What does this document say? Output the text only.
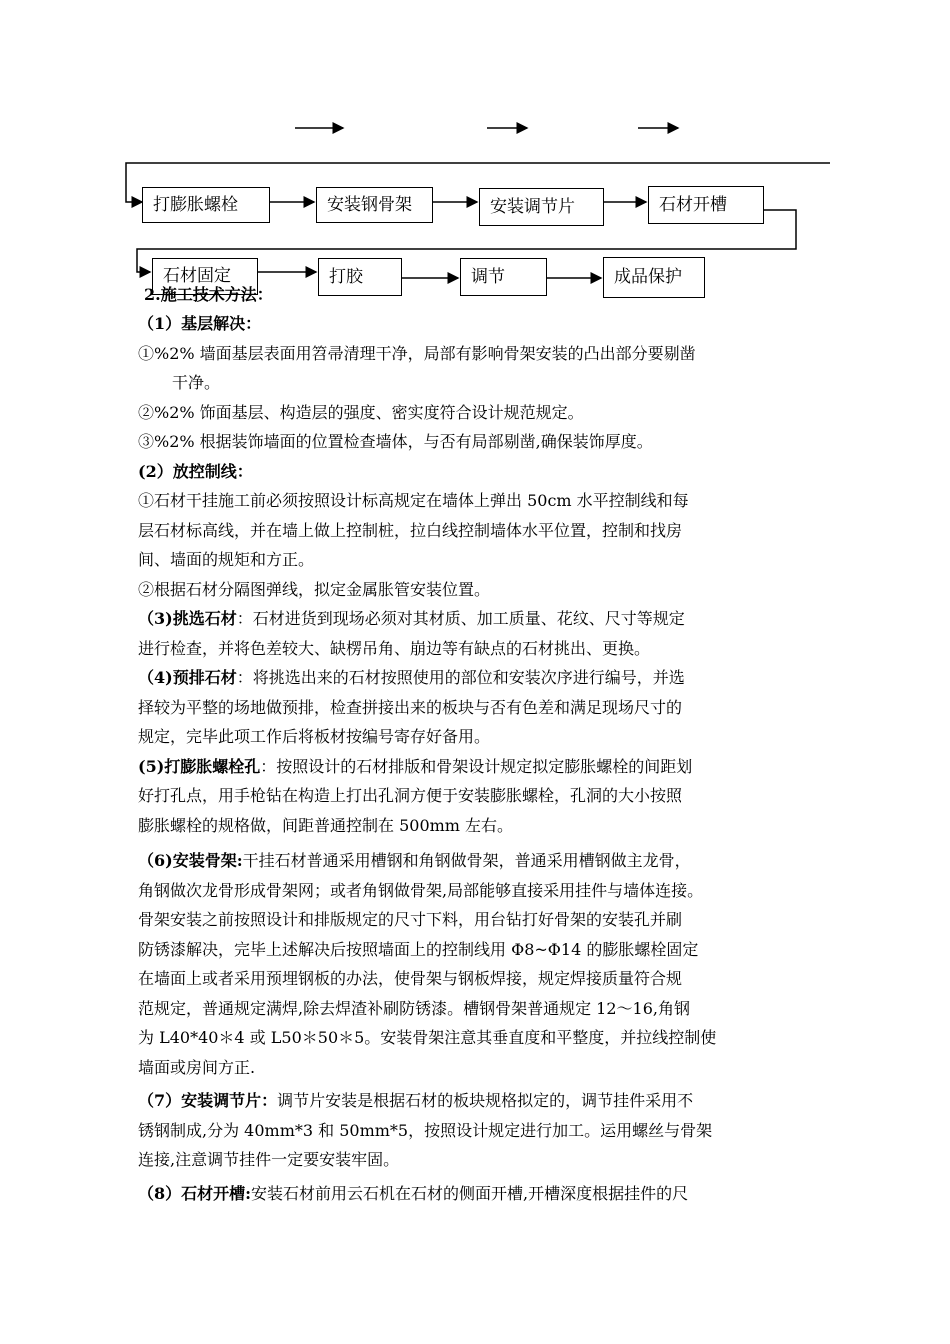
打膨胀螺栓	安装钢骨架	安装调节片	石材开槽
石材固定	打胶	调节	成品保护

2.施工技术方法：

（1）基层解决：

①%2% 墙面基层表面用笤帚清理干净，局部有影响骨架安装的凸出部分要剔凿

干净。

②%2% 饰面基层、构造层的强度、密实度符合设计规范规定。

③%2% 根据装饰墙面的位置检查墙体，与否有局部剔凿,确保装饰厚度。

(2）放控制线：

①石材干挂施工前必须按照设计标高规定在墙体上弹出 50cm 水平控制线和每

层石材标高线，并在墙上做上控制桩，拉白线控制墙体水平位置，控制和找房

间、墙面的规矩和方正。

②根据石材分隔图弹线，拟定金属胀管安装位置。

（3)挑选石材：石材进货到现场必须对其材质、加工质量、花纹、尺寸等规定

进行检查，并将色差较大、缺楞吊角、崩边等有缺点的石材挑出、更换。

（4)预排石材：将挑选出来的石材按照使用的部位和安装次序进行编号，并选

择较为平整的场地做预排，检查拼接出来的板块与否有色差和满足现场尺寸的

规定，完毕此项工作后将板材按编号寄存好备用。

(5)打膨胀螺栓孔：按照设计的石材排版和骨架设计规定拟定膨胀螺栓的间距划

好打孔点，用手枪钻在构造上打出孔洞方便于安装膨胀螺栓，孔洞的大小按照

膨胀螺栓的规格做，间距普通控制在 500mm 左右。

（6)安装骨架:干挂石材普通采用槽钢和角钢做骨架，普通采用槽钢做主龙骨，

角钢做次龙骨形成骨架网；或者角钢做骨架,局部能够直接采用挂件与墙体连接。

骨架安装之前按照设计和排版规定的尺寸下料，用台钻打好骨架的安装孔并刷

防锈漆解决，完毕上述解决后按照墙面上的控制线用 Φ8~Φ14 的膨胀螺栓固定

在墙面上或者采用预埋钢板的办法，使骨架与钢板焊接，规定焊接质量符合规

范规定，普通规定满焊,除去焊渣补刷防锈漆。槽钢骨架普通规定 12～16,角钢

为 L40*40＊4 或 L50＊50＊5。安装骨架注意其垂直度和平整度，并拉线控制使

墙面或房间方正.

（7）安装调节片：调节片安装是根据石材的板块规格拟定的，调节挂件采用不

锈钢制成,分为 40mm*3 和 50mm*5，按照设计规定进行加工。运用螺丝与骨架

连接,注意调节挂件一定要安装牢固。

（8）石材开槽:安装石材前用云石机在石材的侧面开槽,开槽深度根据挂件的尺
